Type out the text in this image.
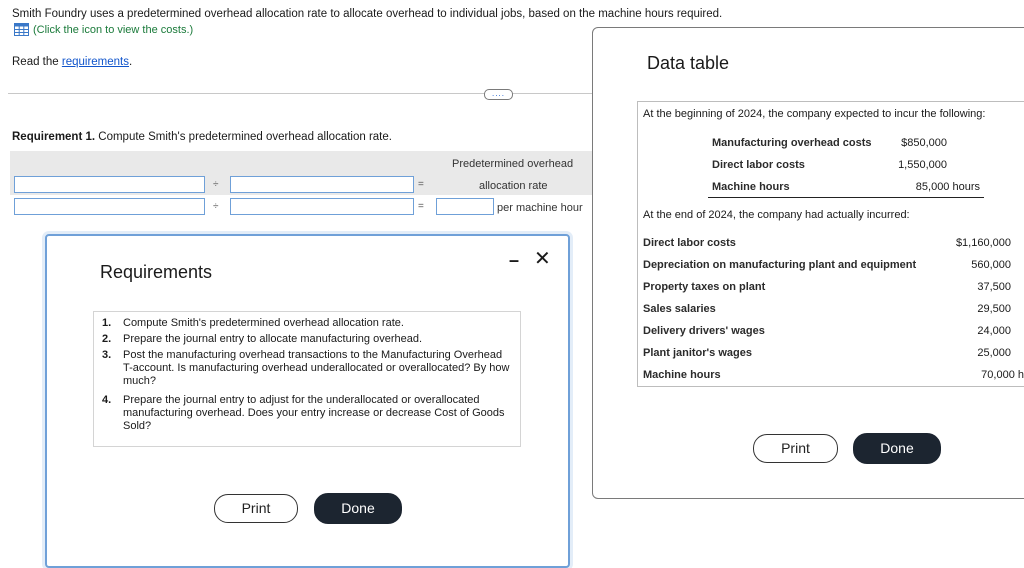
Smith Foundry uses a predetermined overhead allocation rate to allocate overhead to individual jobs, based on the machine hours required.
(Click the icon to view the costs.)
Read the requirements.
....
Requirement 1. Compute Smith's predetermined overhead allocation rate.
Predetermined overhead
allocation rate
÷	=
÷	=	per machine hour
Requirements
– ✕
1.	Compute Smith's predetermined overhead allocation rate.
2.	Prepare the journal entry to allocate manufacturing overhead.
3.	Post the manufacturing overhead transactions to the Manufacturing Overhead T-account. Is manufacturing overhead underallocated or overallocated? By how much?
4.	Prepare the journal entry to adjust for the underallocated or overallocated manufacturing overhead. Does your entry increase or decrease Cost of Goods Sold?
Print	Done
Data table
At the beginning of 2024, the company expected to incur the following:
Manufacturing overhead costs	$850,000
Direct labor costs	1,550,000
Machine hours	85,000 hours
At the end of 2024, the company had actually incurred:
Direct labor costs	$1,160,000
Depreciation on manufacturing plant and equipment	560,000
Property taxes on plant	37,500
Sales salaries	29,500
Delivery drivers' wages	24,000
Plant janitor's wages	25,000
Machine hours	70,000 h
Print	Done
